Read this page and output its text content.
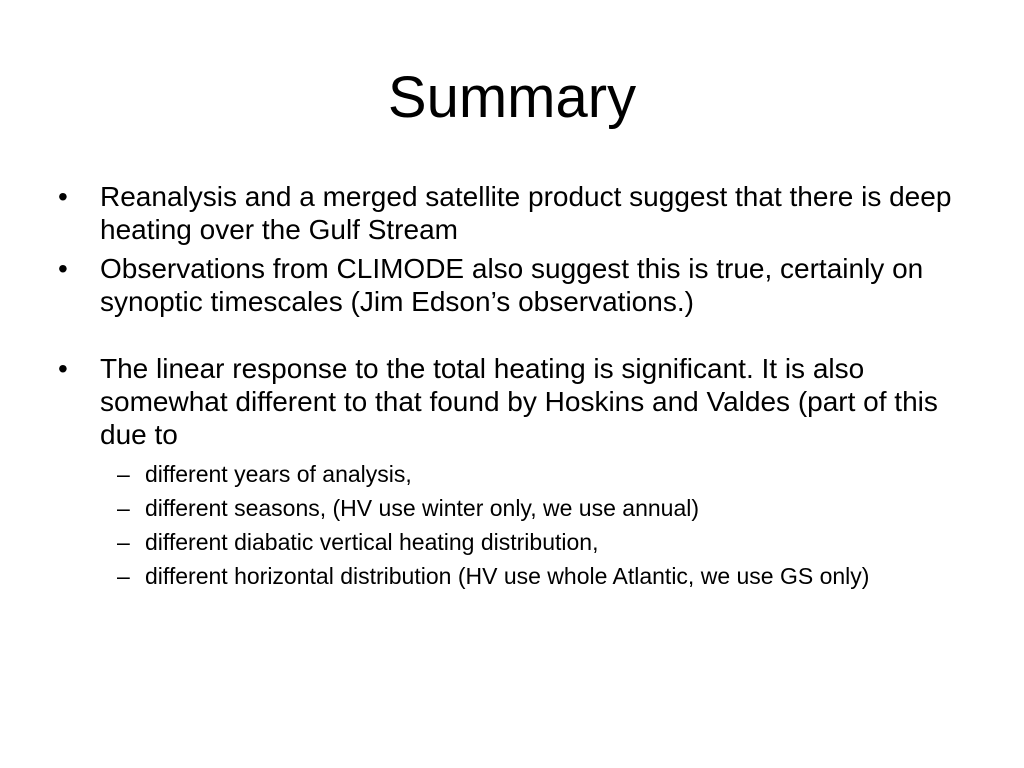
Summary
• Reanalysis and a merged satellite product suggest that there is deep heating over the Gulf Stream
• Observations from CLIMODE also suggest this is true, certainly on synoptic timescales (Jim Edson’s observations.)
• The linear response to the total heating is significant. It is also somewhat different to that found by Hoskins and Valdes (part of this due to
– different years of analysis,
– different seasons, (HV use winter only, we use annual)
– different diabatic vertical heating distribution,
– different horizontal distribution (HV use whole Atlantic, we use GS only)
